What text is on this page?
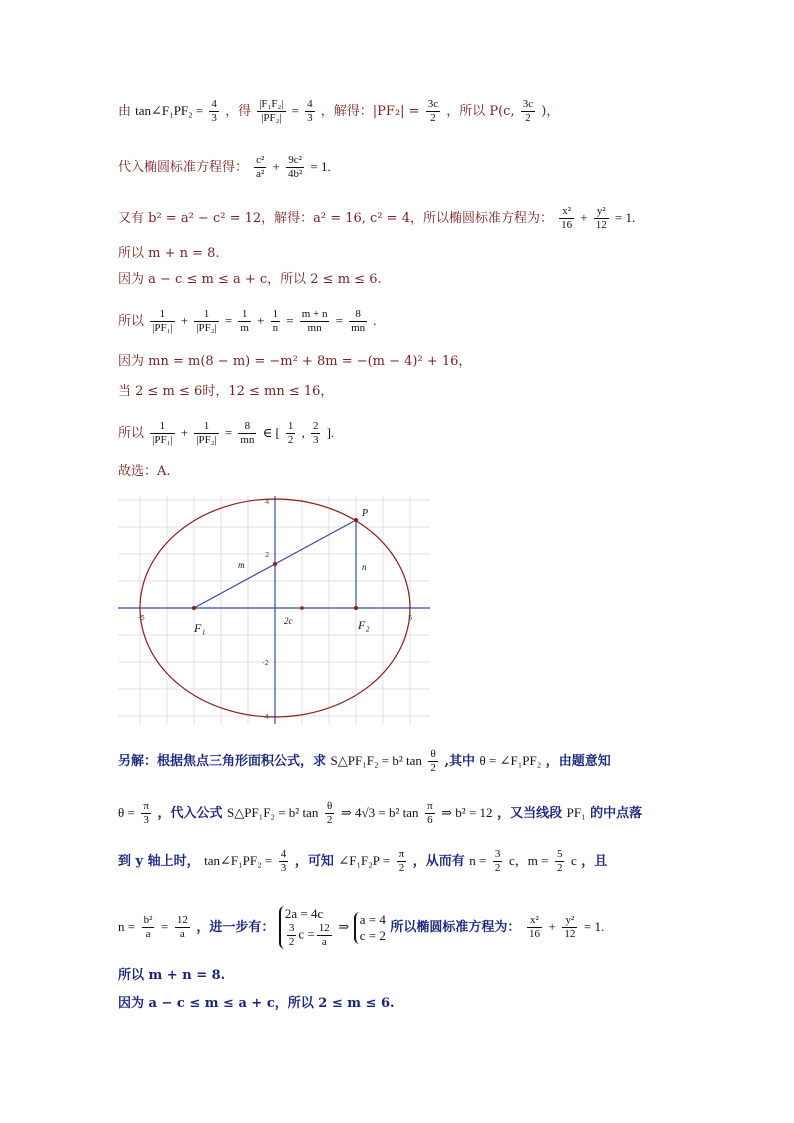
由 tan∠F₁PF₂ = $\frac{4}{3}$ ，得 $\frac{\text{|F₁F₂|}}{\text{|PF₂|}} = \frac{4}{3}$ ，解得：$|PF_2| = \frac{3c}{2}$ ，所以 P(c, $\frac{3c}{2}$ )，
代入椭圆标准方程得： $\frac{\text{c²}}{\text{a²}} + \frac{\text{9c²}}{\text{4b²}} = 1$.
又有 b² = a² − c² = 12，解得：a² = 16, c² = 4，所以椭圆标准方程为： $\frac{\text{x²}}{16} + \frac{\text{y²}}{12} = 1$.
所以 m + n = 8.
因为 a − c ≤ m ≤ a + c，所以 2 ≤ m ≤ 6.
所以 $\frac{1}{\text{|PF₁|}} + \frac{1}{\text{|PF₂|}} = \frac{1}{m} + \frac{1}{n} = \frac{m + n}{mn} = \frac{8}{mn}$ .
因为 mn = m(8 − m) = −m² + 8m = −(m − 4)² + 16，
当 2 ≤ m ≤ 6时，12 ≤ mn ≤ 16，
所以 $\frac{1}{\text{|PF₁|}} + \frac{1}{\text{|PF₂|}} = \frac{8}{mn}$ ∈ [ $\frac{1}{2}$ , $\frac{2}{3}$ ].
故选：A.
-5	5
4
2
-2
-4
P
F₁	F₂
m	n
2c
另解：根据焦点三角形面积公式，求 S△PF₁F₂ = b² $\tan \frac{\theta}{2}$ ,其中 θ = ∠F₁PF₂ ，由题意知
$\theta = \frac{\pi}{3}$ ，代入公式 S△PF₁F₂ = b² $\tan \frac{\theta}{2}$ ⇒ 4√3 = b² $\tan \frac{\pi}{6}$ ⇒ b² = 12 ，又当线段 PF₁ 的中点落
到 y 轴上时， tan∠F₁PF₂ = $\frac{4}{3}$ ，可知 ∠F₁F₂P = $\frac{\pi}{2}$ ，从而有 $n = \frac{3}{2}$ c，$m = \frac{5}{2}$ c ，且
$n = \frac{\text{b²}}{a} = \frac{12}{a}$ ，进一步有：
2a = 4c
$\frac{3}{2}$ $c = \frac{12}{a}$ ⇒ a = 4
c = 2 所以椭圆标准方程为： $\frac{\text{x²}}{16} + \frac{\text{y²}}{12} = 1$.
所以 m + n = 8.
因为 a − c ≤ m ≤ a + c，所以 2 ≤ m ≤ 6.
